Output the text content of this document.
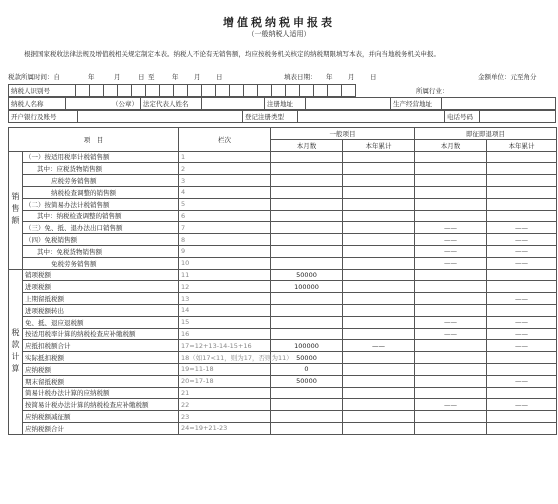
增值税纳税申报表
（一般纳税人适用）
根据国家税收法律法规及增值税相关规定制定本表。纳税人不论有无销售额，均应按税务机关核定的纳税期限填写本表，并向当地税务机关申报。
税款所属时间：自	年	月	日 至	年 月 日	填表日期： 年 月 日	金额单位：元至角分
纳税人识别号																					所属行业：
纳税人名称	（公章）	法定代表人姓名		注册地址		生产经营地址	
开户银行及账号		登记注册类型		电话号码	
项　目		栏次	一般项目		即征即退项目	
			本月数	本年累计	本月数	本年累计
销售额	（一）按适用税率计税销售额	1				
	其中：应税货物销售额	2				
	应税劳务销售额	3				
	纳税检查调整的销售额	4				
	（二）按简易办法计税销售额	5				
	其中：纳税检查调整的销售额	6				
	（三）免、抵、退办法出口销售额	7			——	——
	（四）免税销售额	8			——	——
	其中：免税货物销售额	9			——	——
	免税劳务销售额	10			——	——
税款计算	销项税额	11	50000			
	进项税额	12	100000			
	上期留抵税额	13				——
	进项税额转出	14				
	免、抵、退应退税额	15			——	——
	按适用税率计算的纳税检查应补缴税额	16			——	——
	应抵扣税额合计	17=12+13-14-15+16	100000	——		——
	实际抵扣税额	18（如17<11，则为17，否则为11）	50000			
	应纳税额	19=11-18	0			
	期末留抵税额	20=17-18	50000			——
	简易计税办法计算的应纳税额	21				
	按简易计税办法计算的纳税检查应补缴税额	22			——	——
	应纳税额减征额	23				
	应纳税额合计	24=19+21-23				
